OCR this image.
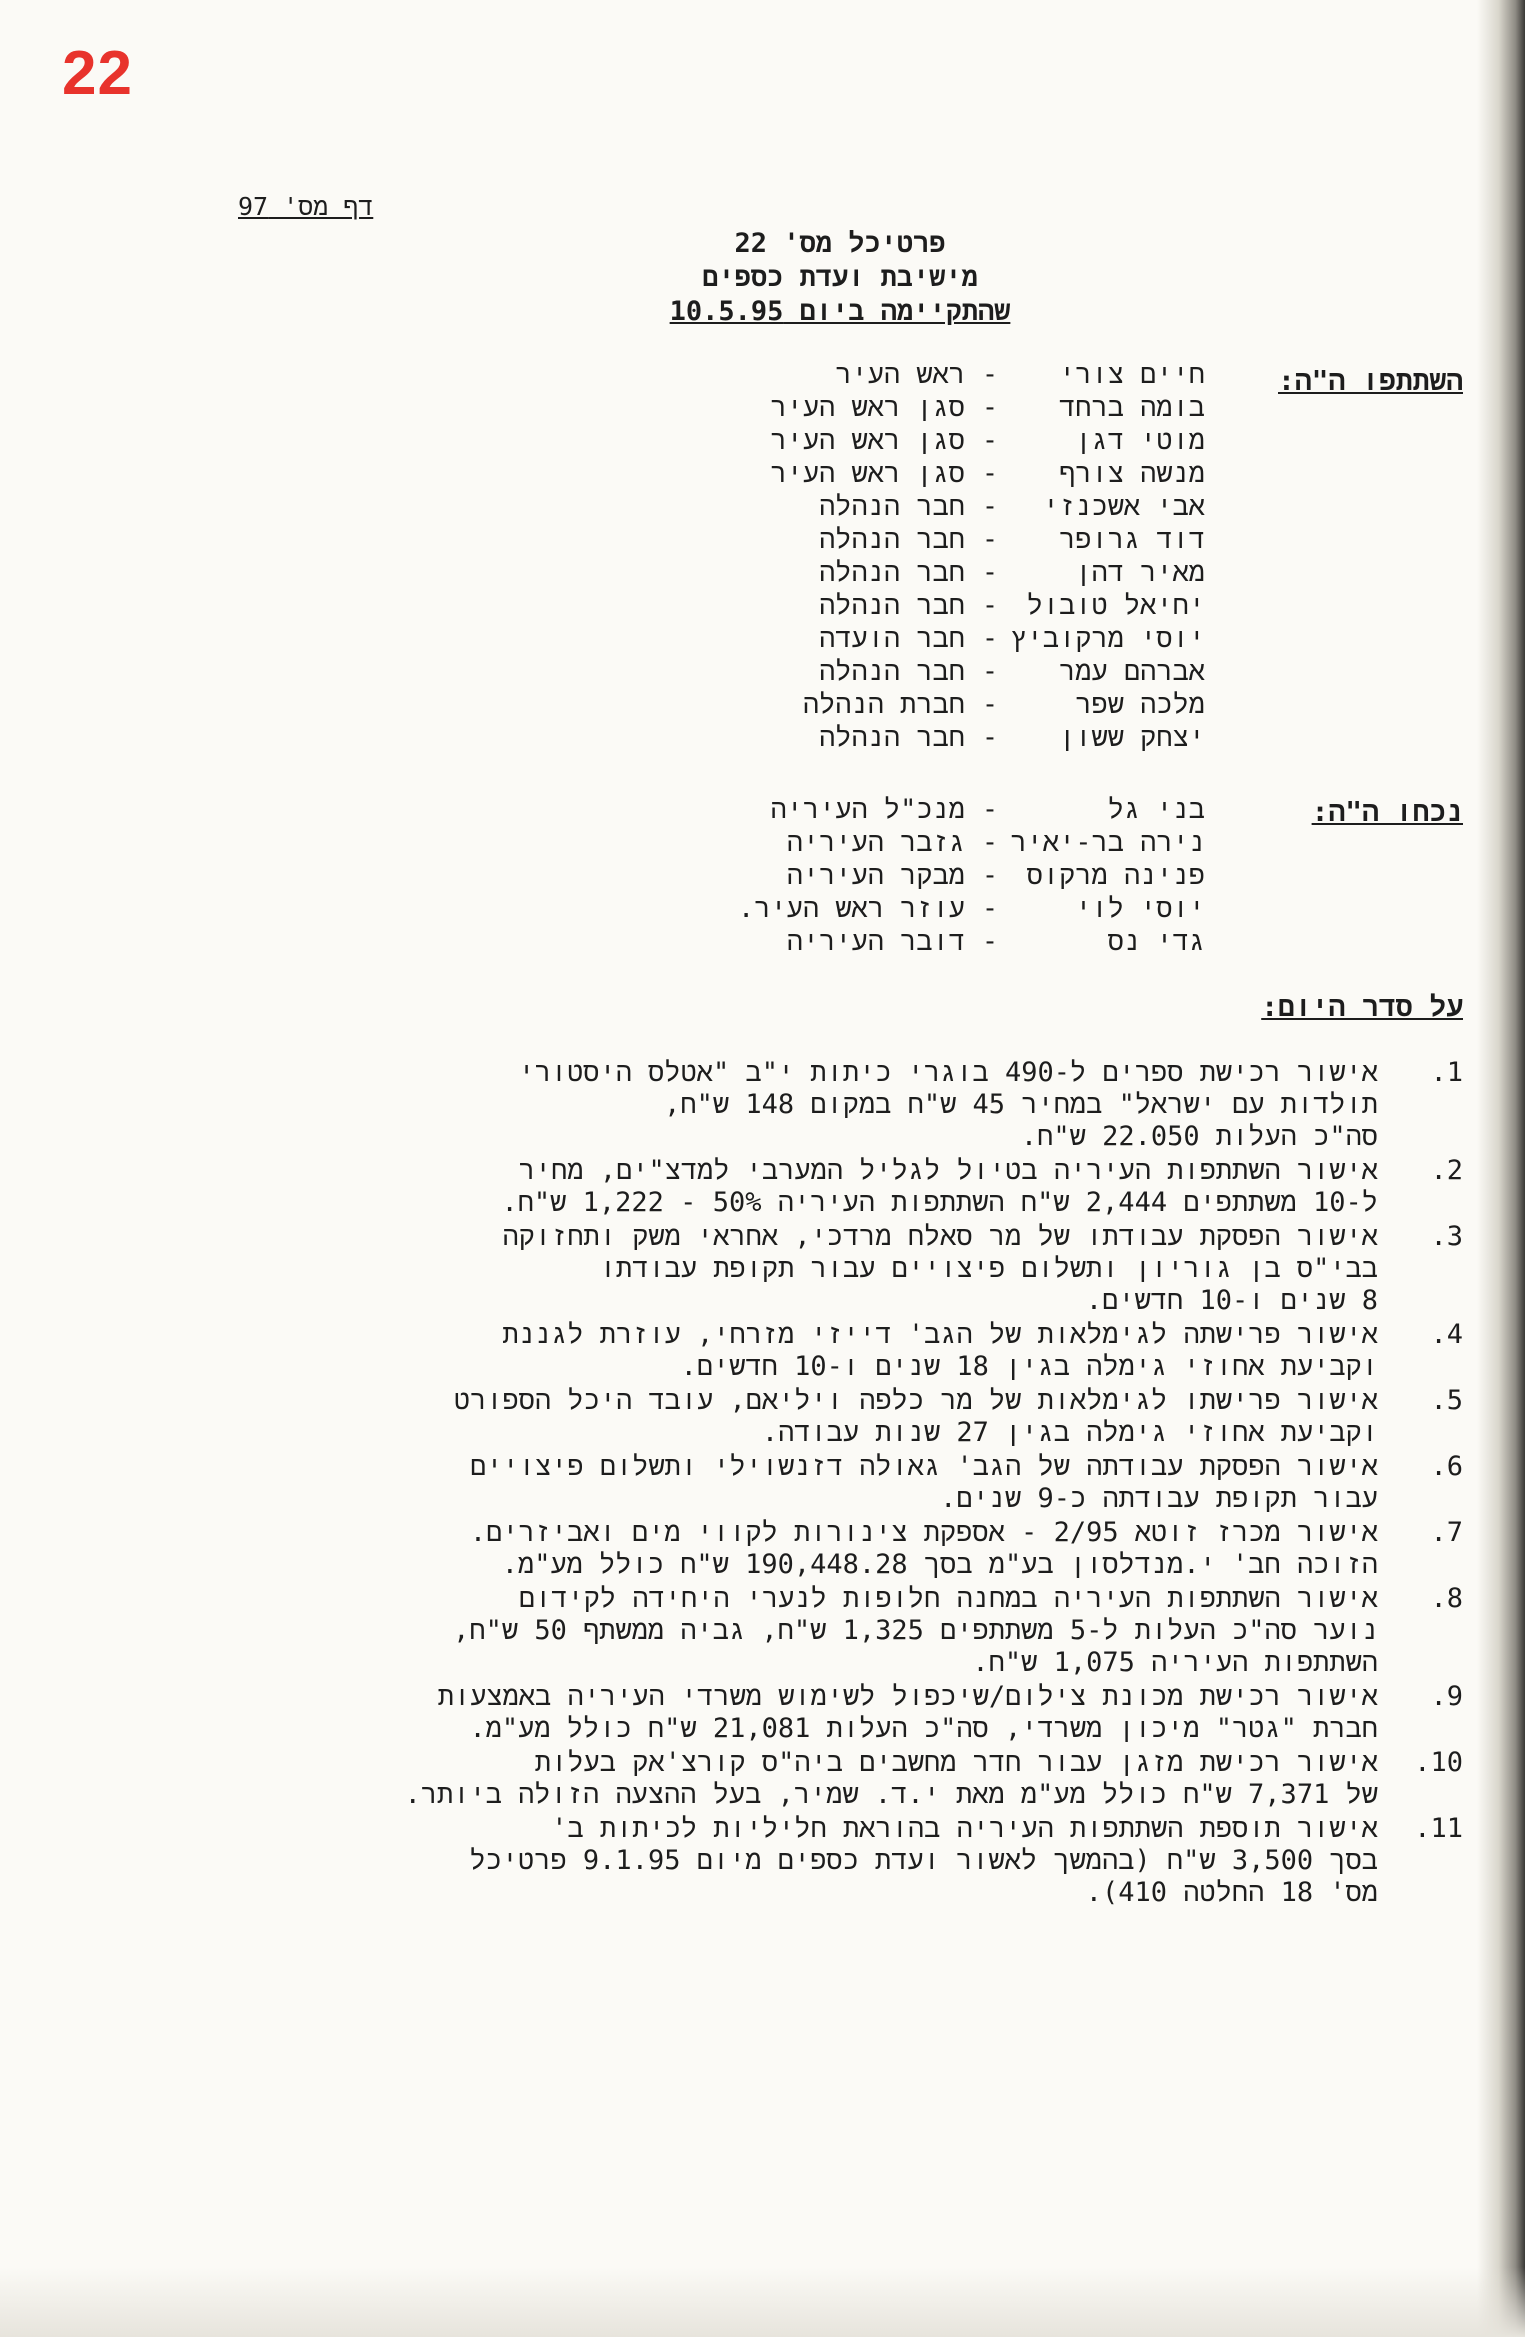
22
דף מס' 97
פרטיכל מס' 22
מישיבת ועדת כספים
שהתקיימה ביום 10.5.95
השתתפו ה"ה:
חיים צורי
-
ראש העיר
בומה ברחד
-
סגן ראש העיר
מוטי דגן
-
סגן ראש העיר
מנשה צורף
-
סגן ראש העיר
אבי אשכנזי
-
חבר הנהלה
דוד גרופר
-
חבר הנהלה
מאיר דהן
-
חבר הנהלה
יחיאל טובול
-
חבר הנהלה
יוסי מרקוביץ
-
חבר הועדה
אברהם עמר
-
חבר הנהלה
מלכה שפר
-
חברת הנהלה
יצחק ששון
-
חבר הנהלה
נכחו ה"ה:
בני גל
-
מנכ"ל העיריה
נירה בר-יאיר
-
גזבר העיריה
פנינה מרקוס
-
מבקר העיריה
יוסי לוי
-
עוזר ראש העיר.
גדי נס
-
דובר העיריה
על סדר היום:
1.
אישור רכישת ספרים ל-490 בוגרי כיתות י"ב "אטלס היסטורי
תולדות עם ישראל" במחיר 45 ש"ח במקום 148 ש"ח,
סה"כ העלות 22.050 ש"ח.
2.
אישור השתתפות העיריה בטיול לגליל המערבי למדצ"ים, מחיר
ל-10 משתתפים 2,444 ש"ח השתתפות העיריה 50% - 1,222 ש"ח.
3.
אישור הפסקת עבודתו של מר סאלח מרדכי, אחראי משק ותחזוקה
בבי"ס בן גוריון ותשלום פיצויים עבור תקופת עבודתו
8 שנים ו-10 חדשים.
4.
אישור פרישתה לגימלאות של הגב' דייזי מזרחי, עוזרת לגננת
וקביעת אחוזי גימלה בגין 18 שנים ו-10 חדשים.
5.
אישור פרישתו לגימלאות של מר כלפה ויליאם, עובד היכל הספורט
וקביעת אחוזי גימלה בגין 27 שנות עבודה.
6.
אישור הפסקת עבודתה של הגב' גאולה דזנשוילי ותשלום פיצויים
עבור תקופת עבודתה כ-9 שנים.
7.
אישור מכרז זוטא 2/95 - אספקת צינורות לקווי מים ואביזרים.
הזוכה חב' י.מנדלסון בע"מ בסך 190,448.28 ש"ח כולל מע"מ.
8.
אישור השתתפות העיריה במחנה חלופות לנערי היחידה לקידום
נוער סה"כ העלות ל-5 משתתפים 1,325 ש"ח, גביה ממשתף 50 ש"ח,
השתתפות העיריה 1,075 ש"ח.
9.
אישור רכישת מכונת צילום/שיכפול לשימוש משרדי העיריה באמצעות
חברת "גטר" מיכון משרדי, סה"כ העלות 21,081 ש"ח כולל מע"מ.
10.
אישור רכישת מזגן עבור חדר מחשבים ביה"ס קורצ'אק בעלות
של 7,371 ש"ח כולל מע"מ מאת י.ד. שמיר, בעל ההצעה הזולה ביותר.
11.
אישור תוספת השתתפות העיריה בהוראת חליליות לכיתות ב'
בסך 3,500 ש"ח (בהמשך לאשור ועדת כספים מיום 9.1.95 פרטיכל
מס' 18 החלטה 410).
